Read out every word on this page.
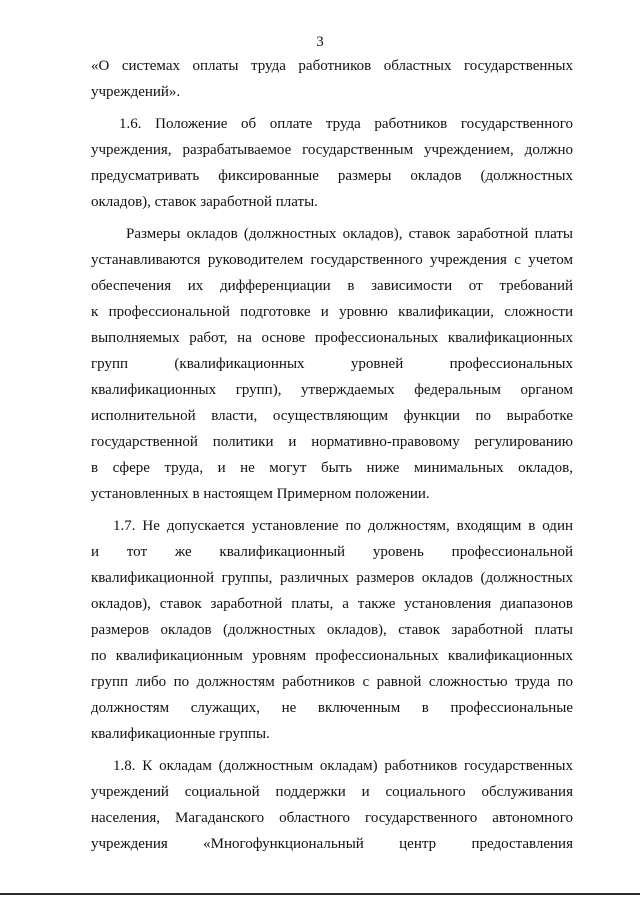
3

«О системах оплаты труда работников областных государственных
учреждений».

1.6. Положение об оплате труда работников государственного
учреждения, разрабатываемое государственным учреждением, должно
предусматривать фиксированные размеры окладов (должностных
окладов), ставок заработной платы.

Размеры окладов (должностных окладов), ставок заработной платы
устанавливаются руководителем государственного учреждения с учетом
обеспечения их дифференциации в зависимости от требований
к профессиональной подготовке и уровню квалификации, сложности
выполняемых работ, на основе профессиональных квалификационных
групп (квалификационных уровней профессиональных
квалификационных групп), утверждаемых федеральным органом
исполнительной власти, осуществляющим функции по выработке
государственной политики и нормативно-правовому регулированию
в сфере труда, и не могут быть ниже минимальных окладов,
установленных в настоящем Примерном положении.

1.7. Не допускается установление по должностям, входящим в один
и тот же квалификационный уровень профессиональной
квалификационной группы, различных размеров окладов (должностных
окладов), ставок заработной платы, а также установления диапазонов
размеров окладов (должностных окладов), ставок заработной платы
по квалификационным уровням профессиональных квалификационных
групп либо по должностям работников с равной сложностью труда по
должностям служащих, не включенным в профессиональные
квалификационные группы.

1.8. К окладам (должностным окладам) работников государственных
учреждений социальной поддержки и социального обслуживания
населения, Магаданского областного государственного автономного
учреждения «Многофункциональный центр предоставления
